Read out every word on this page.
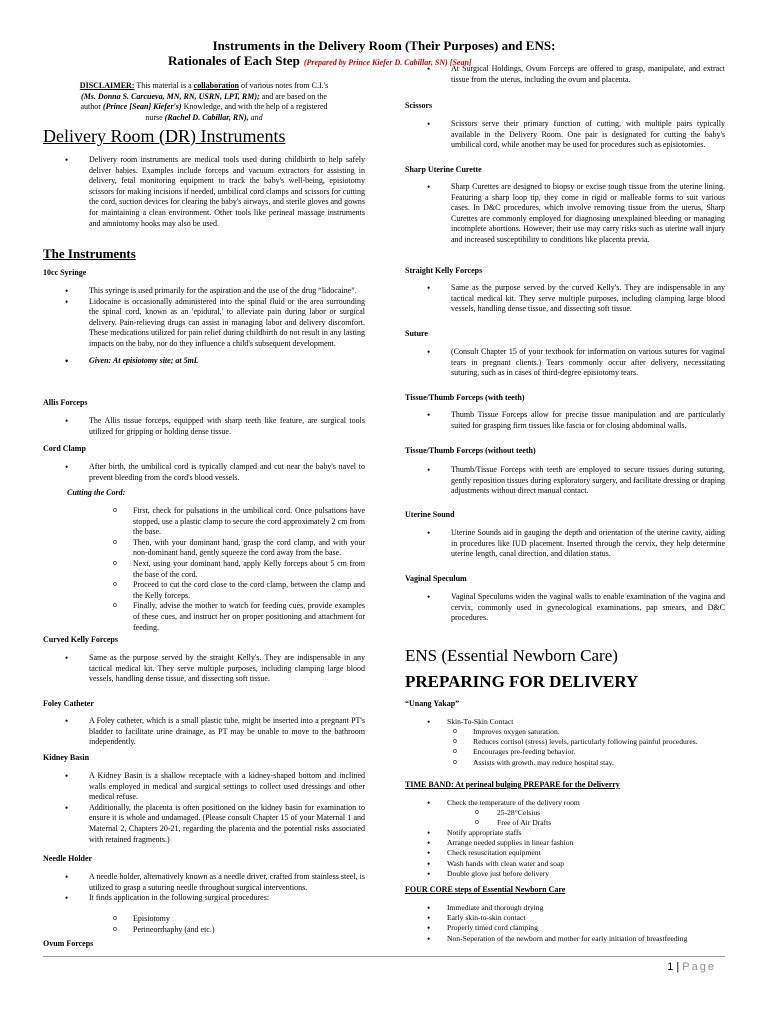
Instruments in the Delivery Room (Their Purposes) and ENS:
Rationales of Each Step (Prepared by Prince Kiefer D. Cabillar, SN) [Sean]
DISCLAIMER: This material is a collaboration of various notes from C.I.'s
(Ms. Donna S. Carcueva, MN, RN, USRN, LPT, RM); and are based on the
author (Prince [Sean] Kiefer's) Knowledge, and with the help of a registered
nurse (Rachel D. Cabillar, RN), and
Delivery Room (DR) Instruments
• Delivery room instruments are medical tools used during childbirth to help safely deliver babies. Examples include forceps and vacuum extractors for assisting in delivery, fetal monitoring equipment to track the baby's well-being, episiotomy scissors for making incisions if needed, umbilical cord clamps and scissors for cutting the cord, suction devices for clearing the baby's airways, and sterile gloves and gowns for maintaining a clean environment. Other tools like perineal massage instruments and amniotomy hooks may also be used.
The Instruments
10cc Syringe
• This syringe is used primarily for the aspiration and the use of the drug “lidocaine”.
• Lidocaine is occasionally administered into the spinal fluid or the area surrounding the spinal cord, known as an 'epidural,' to alleviate pain during labor or surgical delivery. Pain-relieving drugs can assist in managing labor and delivery discomfort. These medications utilized for pain relief during childbirth do not result in any lasting impacts on the baby, nor do they influence a child's subsequent development.
• Given: At episiotomy site; at 5mL
Allis Forceps
• The Allis tissue forceps, equipped with sharp teeth like feature, are surgical tools utilized for gripping or holding dense tissue.
Cord Clamp
• After birth, the umbilical cord is typically clamped and cut near the baby's navel to prevent bleeding from the cord's blood vessels.
Cutting the Cord:
o First, check for pulsations in the umbilical cord. Once pulsations have stopped, use a plastic clamp to secure the cord approximately 2 cm from the base.
o Then, with your dominant hand, grasp the cord clamp, and with your non-dominant hand, gently squeeze the cord away from the base.
o Next, using your dominant hand, apply Kelly forceps about 5 cm from the base of the cord.
o Proceed to cut the cord close to the cord clamp, between the clamp and the Kelly forceps.
o Finally, advise the mother to watch for feeding cues, provide examples of these cues, and instruct her on proper positioning and attachment for feeding.
Curved Kelly Forceps
• Same as the purpose served by the straight Kelly's. They are indispensable in any tactical medical kit. They serve multiple purposes, including clamping large blood vessels, handling dense tissue, and dissecting soft tissue.
Foley Catheter
• A Foley catheter, which is a small plastic tube, might be inserted into a pregnant PT's bladder to facilitate urine drainage, as PT may be unable to move to the bathroom independently.
Kidney Basin
• A Kidney Basin is a shallow receptacle with a kidney-shaped bottom and inclined walls employed in medical and surgical settings to collect used dressings and other medical refuse.
• Additionally, the placenta is often positioned on the kidney basin for examination to ensure it is whole and undamaged. (Please consult Chapter 15 of your Maternal 1 and Maternal 2, Chapters 20-21, regarding the placenta and the potential risks associated with retained fragments.)
Needle Holder
• A needle holder, alternatively known as a needle driver, crafted from stainless steel, is utilized to grasp a suturing needle throughout surgical interventions.
• It finds application in the following surgical procedures:
o Episiotomy
o Perineorrhaphy (and etc.)
Ovum Forceps
• At Surgical Holdings, Ovum Forceps are offered to grasp, manipulate, and extract tissue from the uterus, including the ovum and placenta.
Scissors
• Scissors serve their primary function of cutting, with multiple pairs typically available in the Delivery Room. One pair is designated for cutting the baby's umbilical cord, while another may be used for procedures such as episiotomies.
Sharp Uterine Curette
• Sharp Curettes are designed to biopsy or excise tough tissue from the uterine lining. Featuring a sharp loop tip, they come in rigid or malleable forms to suit various cases. In D&C procedures, which involve removing tissue from the uterus, Sharp Curettes are commonly employed for diagnosing unexplained bleeding or managing incomplete abortions. However, their use may carry risks such as uterine wall injury and increased susceptibility to conditions like placenta previa.
Straight Kelly Forceps
• Same as the purpose served by the curved Kelly's. They are indispensable in any tactical medical kit. They serve multiple purposes, including clamping large blood vessels, handling dense tissue, and dissecting soft tissue.
Suture
• (Consult Chapter 15 of your textbook for information on various sutures for vaginal tears in pregnant clients.) Tears commonly occur after delivery, necessitating suturing, such as in cases of third-degree episiotomy tears.
Tissue/Thumb Forceps (with teeth)
• Thumb Tissue Forceps allow for precise tissue manipulation and are particularly suited for grasping firm tissues like fascia or for closing abdominal walls.
Tissue/Thumb Forceps (without teeth)
• Thumb/Tissue Forceps with teeth are employed to secure tissues during suturing, gently reposition tissues during exploratory surgery, and facilitate dressing or draping adjustments without direct manual contact.
Uterine Sound
• Uterine Sounds aid in gauging the depth and orientation of the uterine cavity, aiding in procedures like IUD placement. Inserted through the cervix, they help determine uterine length, canal direction, and dilation status.
Vaginal Speculum
• Vaginal Speculums widen the vaginal walls to enable examination of the vagina and cervix, commonly used in gynecological examinations, pap smears, and D&C procedures.
ENS (Essential Newborn Care)
PREPARING FOR DELIVERY
“Unang Yakap”
• Skin-To-Skin Contact
o Improves oxygen saturation.
o Reduces cortisol (stress) levels, particularly following painful procedures.
o Encourages pre-feeding behavior.
o Assists with growth. may reduce hospital stay.
TIME BAND: At perineal bulging PREPARE for the Deliverry
• Check the temperature of the delivery room
o 25-28°Celsius
o Free of Air Drafts
• Notify appropriate staffs
• Arrange needed supplies in linear fashion
• Check resuscitation equipment
• Wash hands with clean water and soap
• Double glove just before delivery
FOUR CORE steps of Essential Newborn Care
• Immediate and thorough drying
• Early skin-to-skin contact
• Properly timed cord clamping
• Non-Seperation of the newborn and mother for early initiation of breastfeeding
1 | Page
